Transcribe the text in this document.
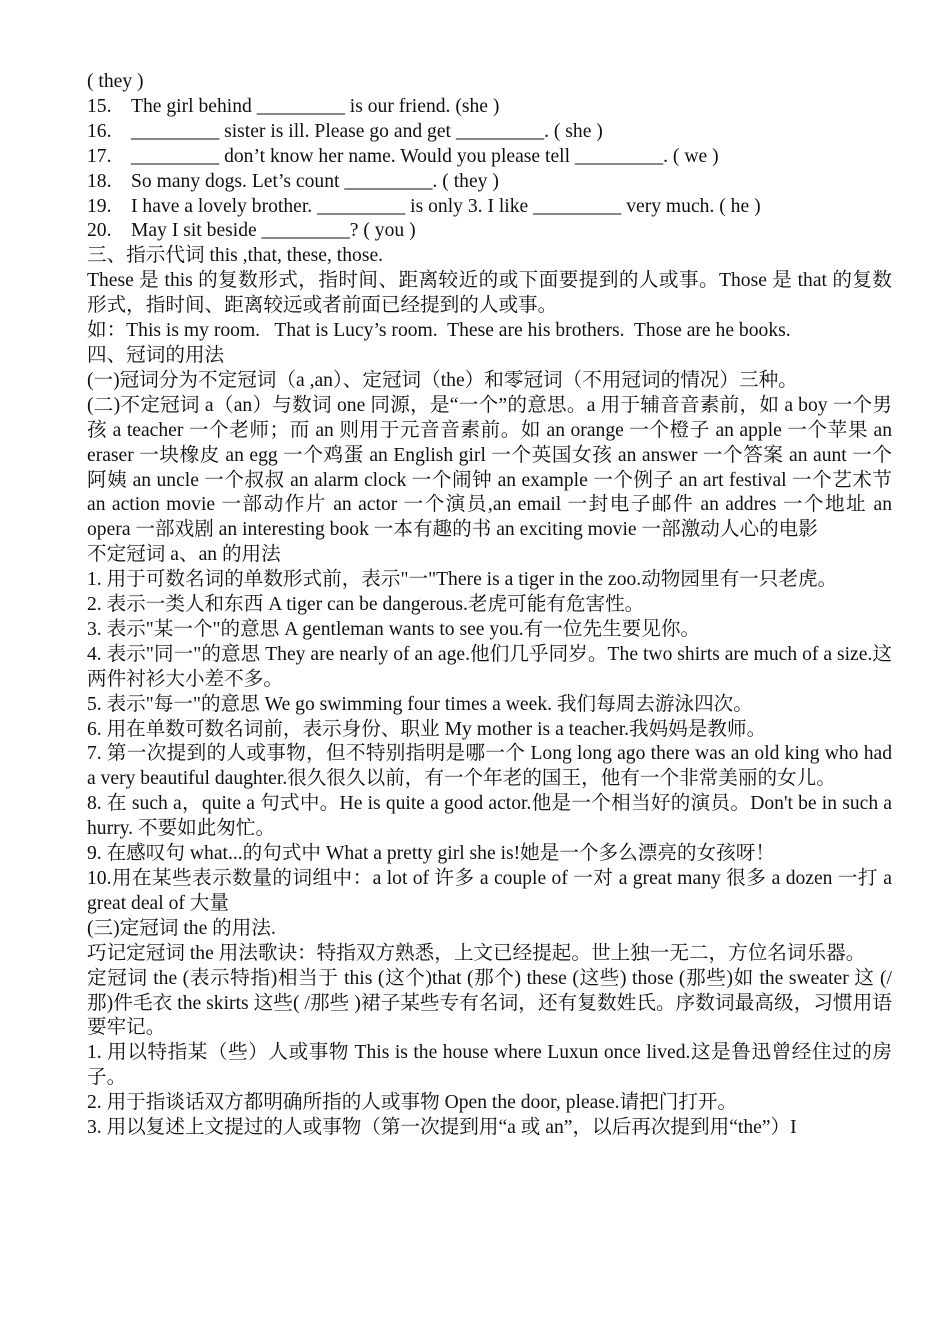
( they )
15. The girl behind _________ is our friend. (she )
16. _________ sister is ill. Please go and get _________. ( she )
17. _________ don’t know her name. Would you please tell _________. ( we )
18. So many dogs. Let’s count _________. ( they )
19. I have a lovely brother. _________ is only 3. I like _________ very much. ( he )
20. May I sit beside _________? ( you )
三、指示代词 this ,that, these, those.
These 是 this 的复数形式，指时间、距离较近的或下面要提到的人或事。Those 是 that 的复数形式，指时间、距离较远或者前面已经提到的人或事。
如：This is my room.   That is Lucy’s room.  These are his brothers.  Those are he books.
四、冠词的用法
(一)冠词分为不定冠词（a ,an）、定冠词（the）和零冠词（不用冠词的情况）三种。
(二)不定冠词 a（an）与数词 one 同源，是“一个”的意思。a 用于辅音音素前，如 a boy 一个男孩 a teacher 一个老师；而 an 则用于元音音素前。如 an orange 一个橙子 an apple 一个苹果 an eraser 一块橡皮 an egg 一个鸡蛋 an English girl 一个英国女孩 an answer 一个答案 an aunt 一个阿姨 an uncle 一个叔叔 an alarm clock 一个闹钟 an example 一个例子 an art festival 一个艺术节 an action movie 一部动作片 an actor 一个演员,an email 一封电子邮件 an addres 一个地址 an opera 一部戏剧 an interesting book 一本有趣的书 an exciting movie 一部激动人心的电影
不定冠词 a、an 的用法
1. 用于可数名词的单数形式前，表示"一"There is a tiger in the zoo.动物园里有一只老虎。
2. 表示一类人和东西 A tiger can be dangerous.老虎可能有危害性。
3. 表示"某一个"的意思 A gentleman wants to see you.有一位先生要见你。
4. 表示"同一"的意思 They are nearly of an age.他们几乎同岁。The two shirts are much of a size.这两件衬衫大小差不多。
5. 表示"每一"的意思 We go swimming four times a week. 我们每周去游泳四次。
6. 用在单数可数名词前，表示身份、职业 My mother is a teacher.我妈妈是教师。
7. 第一次提到的人或事物，但不特别指明是哪一个 Long long ago there was an old king who had a very beautiful daughter.很久很久以前，有一个年老的国王，他有一个非常美丽的女儿。
8. 在 such a，quite a 句式中。He is quite a good actor.他是一个相当好的演员。Don't be in such a hurry. 不要如此匆忙。
9. 在感叹句 what...的句式中 What a pretty girl she is!她是一个多么漂亮的女孩呀！
10.用在某些表示数量的词组中：a lot of 许多 a couple of 一对 a great many 很多 a dozen 一打 a great deal of 大量
(三)定冠词 the 的用法.
巧记定冠词 the 用法歌诀：特指双方熟悉，上文已经提起。世上独一无二，方位名词乐器。
定冠词 the (表示特指)相当于 this (这个)that (那个) these (这些) those (那些)如 the sweater 这 (/那)件毛衣 the skirts 这些( /那些 )裙子某些专有名词，还有复数姓氏。序数词最高级，习惯用语要牢记。
1. 用以特指某（些）人或事物 This is the house where Luxun once lived.这是鲁迅曾经住过的房子。
2. 用于指谈话双方都明确所指的人或事物 Open the door, please.请把门打开。
3. 用以复述上文提过的人或事物（第一次提到用“a 或 an”，以后再次提到用“the”）I
